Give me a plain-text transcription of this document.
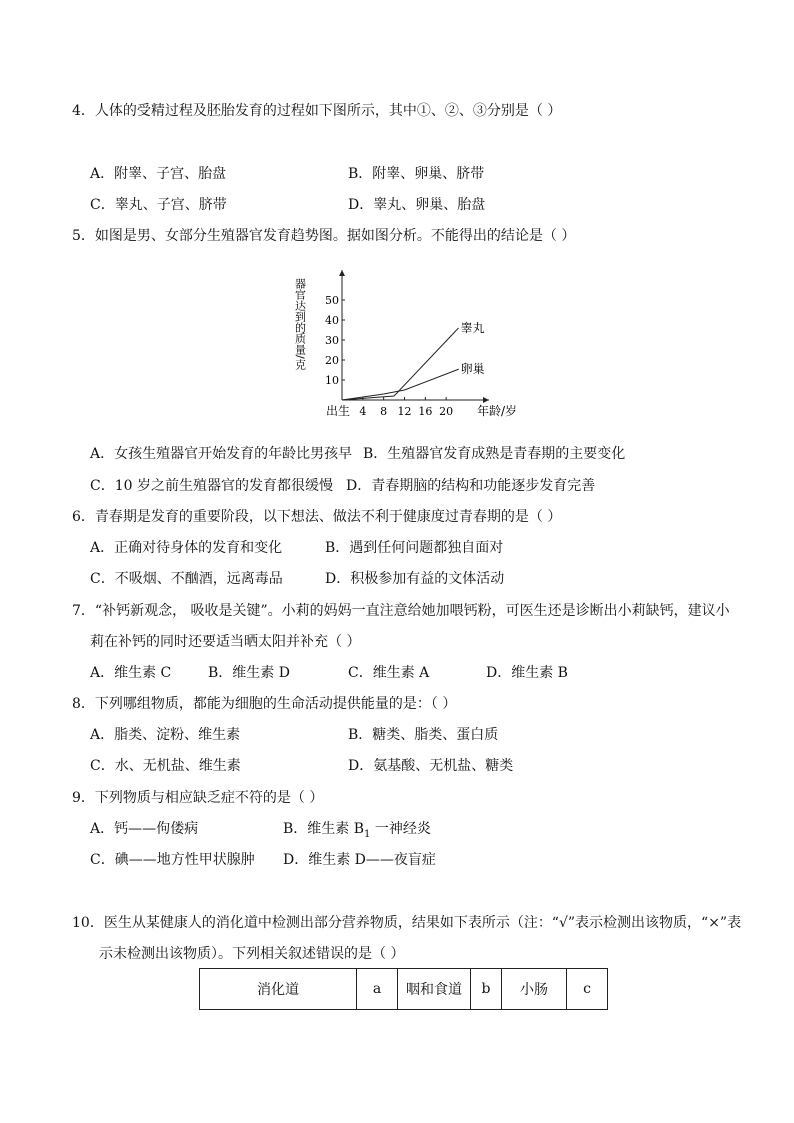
4．人体的受精过程及胚胎发育的过程如下图所示，其中①、②、③分别是（ ）
A．附睾、子宫、胎盘	B．附睾、卵巢、脐带
C．睾丸、子宫、脐带	D．睾丸、卵巢、胎盘
5．如图是男、女部分生殖器官发育趋势图。据如图分析。不能得出的结论是（ ）
10
20
30
40
50
4 8 12 16 20
出生	年龄/岁
器官达到的质量/克	睾丸
卵巢
A．女孩生殖器官开始发育的年龄比男孩早 B．生殖器官发育成熟是青春期的主要变化
C．10 岁之前生殖器官的发育都很缓慢 D．青春期脑的结构和功能逐步发育完善
6．青春期是发育的重要阶段，以下想法、做法不利于健康度过青春期的是（ ）
A．正确对待身体的发育和变化	B．遇到任何问题都独自面对
C．不吸烟、不酗酒，远离毒品	D．积极参加有益的文体活动
7．“补钙新观念， 吸收是关键”。小莉的妈妈一直注意给她加喂钙粉，可医生还是诊断出小莉缺钙，建议小
莉在补钙的同时还要适当晒太阳并补充（ ）
A．维生素 C	B．维生素 D	C．维生素 A	D．维生素 B
8．下列哪组物质，都能为细胞的生命活动提供能量的是：（ ）
A．脂类、淀粉、维生素	B．糖类、脂类、蛋白质
C．水、无机盐、维生素	D．氨基酸、无机盐、糖类
9．下列物质与相应缺乏症不符的是（ ）
A．钙——佝偻病	B．维生素 $B_1$ 一神经炎
C．碘——地方性甲状腺肿 D．维生素 D——夜盲症
10．医生从某健康人的消化道中检测出部分营养物质，结果如下表所示（注：“√”表示检测出该物质，“×”表
示未检测出该物质）。下列相关叙述错误的是（ ）
消化道	a	咽和食道	b	小肠	c
